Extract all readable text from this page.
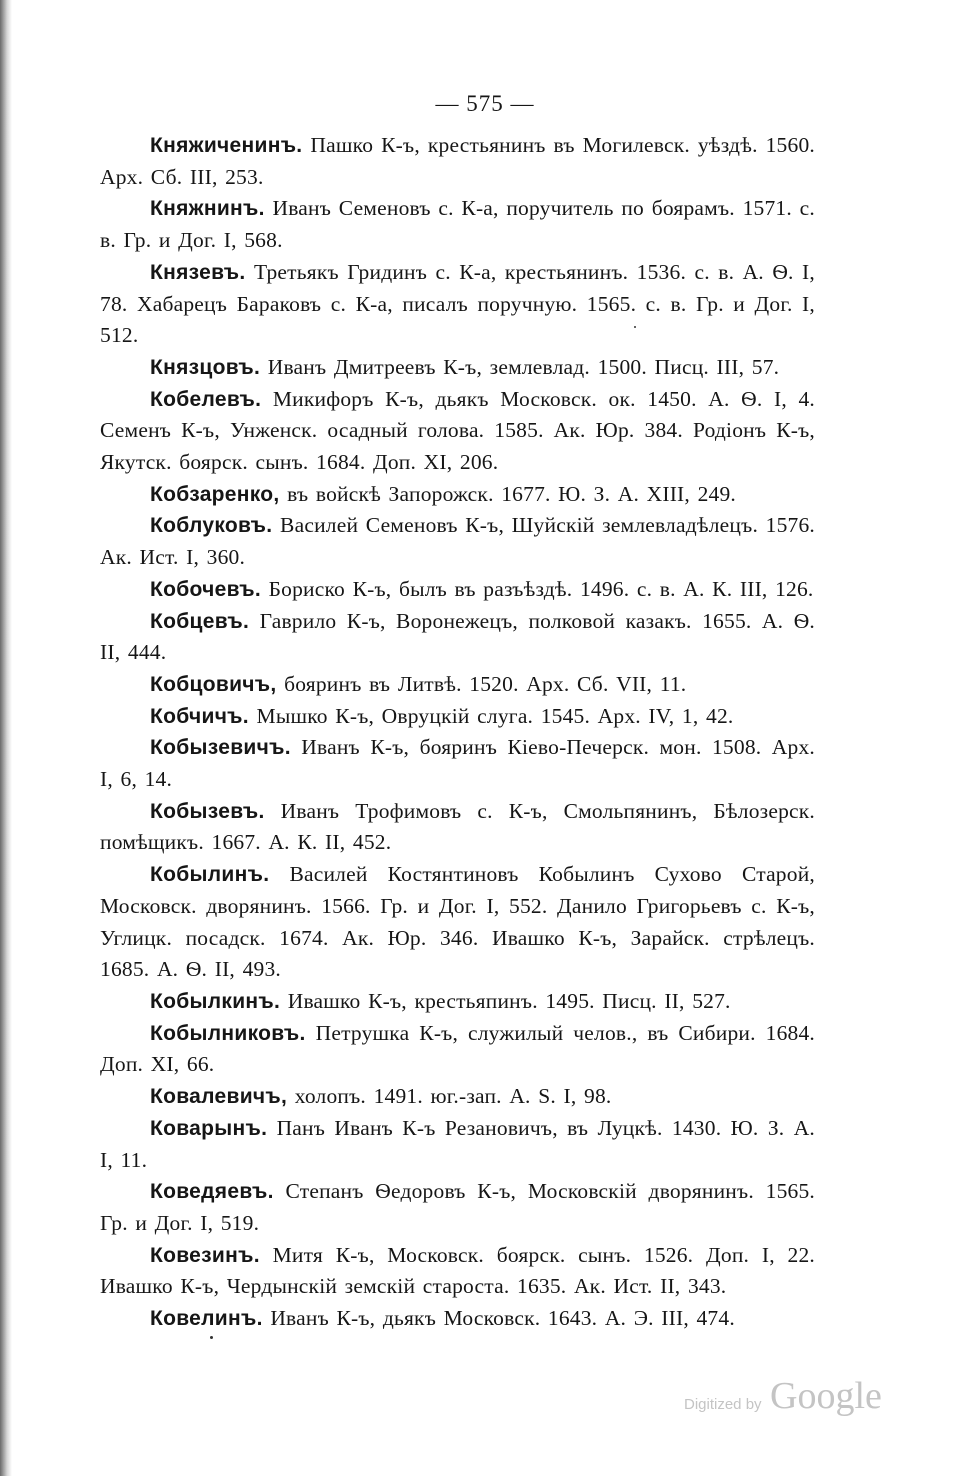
— 575 —

Княжиченинъ. Пашко К-ъ, крестьянинъ въ Могилевск. уѣздѣ. 1560. Арх. Сб. III, 253.

Княжнинъ. Иванъ Семеновъ с. К-а, поручитель по боярамъ. 1571. с. в. Гр. и Дог. I, 568.

Князевъ. Третьякъ Гридинъ с. К-а, крестьянинъ. 1536. с. в. А. Ѳ. I, 78. Хабарецъ Бараковъ с. К-а, писалъ поручную. 1565. с. в. Гр. и Дог. I, 512.

Князцовъ. Иванъ Дмитреевъ К-ъ, землевлад. 1500. Писц. III, 57.

Кобелевъ. Микифоръ К-ъ, дьякъ Московск. ок. 1450. А. Ѳ. I, 4. Семенъ К-ъ, Унженск. осадный голова. 1585. Ак. Юр. 384. Родіонъ К-ъ, Якутск. боярск. сынъ. 1684. Доп. XI, 206.

Кобзаренко, въ войскѣ Запорожск. 1677. Ю. З. А. XIII, 249.

Коблуковъ. Василей Семеновъ К-ъ, Шуйскій землевладѣлецъ. 1576. Ак. Ист. I, 360.

Кобочевъ. Бориско К-ъ, былъ въ разъѣздѣ. 1496. с. в. А. К. III, 126.

Кобцевъ. Гаврило К-ъ, Воронежецъ, полковой казакъ. 1655. А. Ѳ. II, 444.

Кобцовичъ, бояринъ въ Литвѣ. 1520. Арх. Сб. VII, 11.

Кобчичъ. Мышко К-ъ, Овруцкій слуга. 1545. Арх. IV, 1, 42.

Кобызевичъ. Иванъ К-ъ, бояринъ Кіево-Печерск. мон. 1508. Арх. I, 6, 14.

Кобызевъ. Иванъ Трофимовъ с. К-ъ, Смольпянинъ, Бѣлозерск. помѣщикъ. 1667. А. К. II, 452.

Кобылинъ. Василей Костянтиновъ Кобылинъ Сухово Старой, Московск. дворянинъ. 1566. Гр. и Дог. I, 552. Данило Григорьевъ с. К-ъ, Углицк. посадск. 1674. Ак. Юр. 346. Ивашко К-ъ, Зарайск. стрѣлецъ. 1685. А. Ѳ. II, 493.

Кобылкинъ. Ивашко К-ъ, крестьяпинъ. 1495. Писц. II, 527.

Кобылниковъ. Петрушка К-ъ, служилый челов., въ Сибири. 1684. Доп. XI, 66.

Ковалевичъ, холопъ. 1491. юг.-зап. А. S. I, 98.

Коварынъ. Панъ Иванъ К-ъ Резановичъ, въ Луцкѣ. 1430. Ю. З. А. I, 11.

Коведяевъ. Степанъ Ѳедоровъ К-ъ, Московскій дворянинъ. 1565. Гр. и Дог. I, 519.

Ковезинъ. Митя К-ъ, Московск. боярск. сынъ. 1526. Доп. I, 22. Ивашко К-ъ, Чердынскій земскій староста. 1635. Ак. Ист. II, 343.

Ковелинъ. Иванъ К-ъ, дьякъ Московск. 1643. А. Э. III, 474.

Digitized by Google
